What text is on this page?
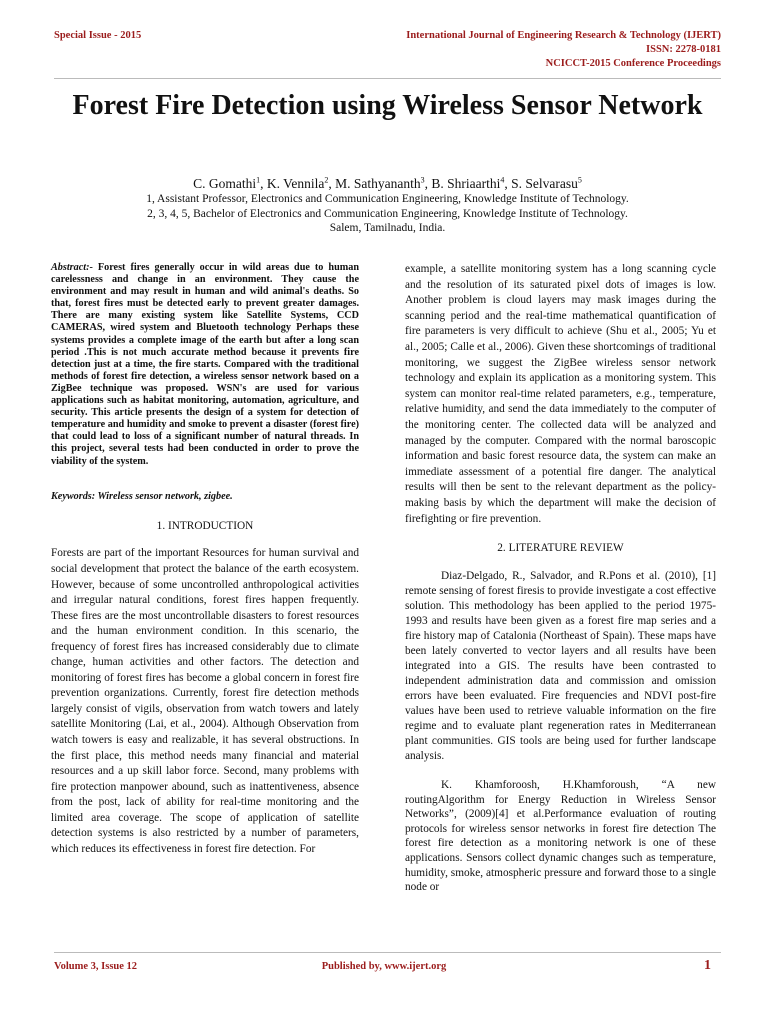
Special Issue - 2015	International Journal of Engineering Research & Technology (IJERT)
ISSN: 2278-0181
NCICCT-2015 Conference Proceedings
Forest Fire Detection using Wireless Sensor Network
C. Gomathi$^1$, K. Vennila$^2$, M. Sathyananth$^3$, B. Shriaarthi$^4$, S. Selvarasu$^5$
1, Assistant Professor, Electronics and Communication Engineering, Knowledge Institute of Technology.
2, 3, 4, 5, Bachelor of Electronics and Communication Engineering, Knowledge Institute of Technology.
Salem, Tamilnadu, India.

Abstract:- Forest fires generally occur in wild areas due to human carelessness and change in an environment. They cause the environment and may result in human and wild animal's deaths. So that, forest fires must be detected early to prevent greater damages. There are many existing system like Satellite Systems, CCD CAMERAS, wired system and Bluetooth technology Perhaps these systems provides a complete image of the earth but after a long scan period .This is not much accurate method because it prevents fire detection just at a time, the fire starts. Compared with the traditional methods of forest fire detection, a wireless sensor network based on a ZigBee technique was proposed. WSN's are used for various applications such as habitat monitoring, automation, agriculture, and security. This article presents the design of a system for detection of temperature and humidity and smoke to prevent a disaster (forest fire) that could lead to loss of a significant number of natural threads. In this project, several tests had been conducted in order to prove the viability of the system.

Keywords: Wireless sensor network, zigbee.

1. INTRODUCTION

Forests are part of the important Resources for human survival and social development that protect the balance of the earth ecosystem. However, because of some uncontrolled anthropological activities and irregular natural conditions, forest fires happen frequently. These fires are the most uncontrollable disasters to forest resources and the human environment condition. In this scenario, the frequency of forest fires has increased considerably due to climate change, human activities and other factors. The detection and monitoring of forest fires has become a global concern in forest fire prevention organizations. Currently, forest fire detection methods largely consist of vigils, observation from watch towers and lately satellite Monitoring (Lai, et al., 2004). Although Observation from watch towers is easy and realizable, it has several obstructions. In the first place, this method needs many financial and material resources and a up skill labor force. Second, many problems with fire protection manpower abound, such as inattentiveness, absence from the post, lack of ability for real-time monitoring and the limited area coverage. The scope of application of satellite detection systems is also restricted by a number of parameters, which reduces its effectiveness in forest fire detection. For

example, a satellite monitoring system has a long scanning cycle and the resolution of its saturated pixel dots of images is low. Another problem is cloud layers may mask images during the scanning period and the real-time mathematical quantification of fire parameters is very difficult to achieve (Shu et al., 2005; Yu et al., 2005; Calle et al., 2006). Given these shortcomings of traditional monitoring, we suggest the ZigBee wireless sensor network technology and explain its application as a monitoring system. This system can monitor real-time related parameters, e.g., temperature, relative humidity, and send the data immediately to the computer of the monitoring center. The collected data will be analyzed and managed by the computer. Compared with the normal baroscopic information and basic forest resource data, the system can make an immediate assessment of a potential fire danger. The analytical results will then be sent to the relevant department as the policy-making basis by which the department will make the decision of firefighting or fire prevention.

2. LITERATURE REVIEW

Diaz-Delgado, R., Salvador, and R.Pons et al. (2010), [1] remote sensing of forest firesis to provide investigate a cost effective solution. This methodology has been applied to the period 1975-1993 and results have been given as a forest fire map series and a fire history map of Catalonia (Northeast of Spain). These maps have been lately converted to vector layers and all results have been integrated into a GIS. The results have been contrasted to independent administration data and commission and omission errors have been evaluated. Fire frequencies and NDVI post-fire values have been used to retrieve valuable information on the fire regime and to evaluate plant regeneration rates in Mediterranean plant communities. GIS tools are being used for further landscape analysis.

K. Khamforoosh, H.Khamforoush, “A new routingAlgorithm for Energy Reduction in Wireless Sensor Networks”, (2009)[4] et al.Performance evaluation of routing protocols for wireless sensor networks in forest fire detection The forest fire detection as a monitoring network is one of these applications. Sensors collect dynamic changes such as temperature, humidity, smoke, atmospheric pressure and forward those to a single node or

Volume 3, Issue 12	Published by, www.ijert.org	1
